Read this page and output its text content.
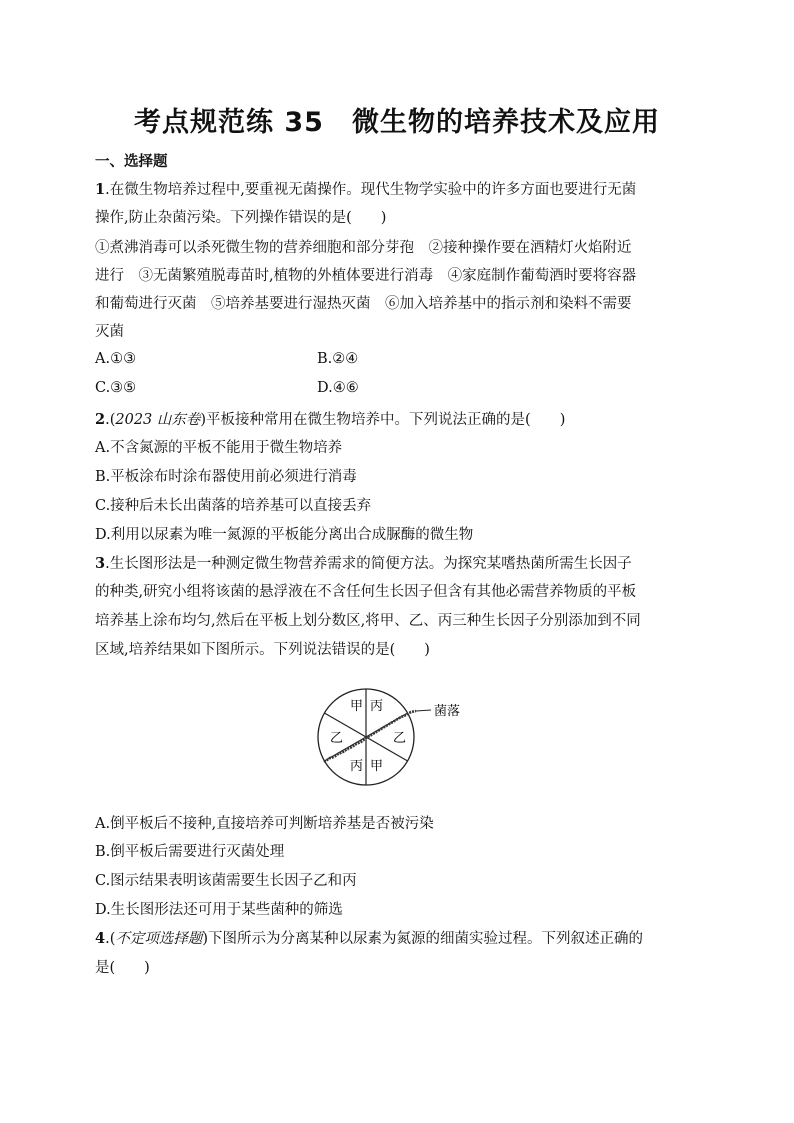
考点规范练 35　微生物的培养技术及应用
一、选择题
1.在微生物培养过程中,要重视无菌操作。现代生物学实验中的许多方面也要进行无菌
操作,防止杂菌污染。下列操作错误的是(　　)
①煮沸消毒可以杀死微生物的营养细胞和部分芽孢　②接种操作要在酒精灯火焰附近
进行　③无菌繁殖脱毒苗时,植物的外植体要进行消毒　④家庭制作葡萄酒时要将容器
和葡萄进行灭菌　⑤培养基要进行湿热灭菌　⑥加入培养基中的指示剂和染料不需要
灭菌
A.①③	B.②④
C.③⑤	D.④⑥
2.(2023 山东卷)平板接种常用在微生物培养中。下列说法正确的是(　　)
A.不含氮源的平板不能用于微生物培养
B.平板涂布时涂布器使用前必须进行消毒
C.接种后未长出菌落的培养基可以直接丢弃
D.利用以尿素为唯一氮源的平板能分离出合成脲酶的微生物
3.生长图形法是一种测定微生物营养需求的简便方法。为探究某嗜热菌所需生长因子
的种类,研究小组将该菌的悬浮液在不含任何生长因子但含有其他必需营养物质的平板
培养基上涂布均匀,然后在平板上划分数区,将甲、乙、丙三种生长因子分别添加到不同
区域,培养结果如下图所示。下列说法错误的是(　　)
菌落
甲 丙
乙
甲
丙
乙
A.倒平板后不接种,直接培养可判断培养基是否被污染
B.倒平板后需要进行灭菌处理
C.图示结果表明该菌需要生长因子乙和丙
D.生长图形法还可用于某些菌种的筛选
4.(不定项选择题)下图所示为分离某种以尿素为氮源的细菌实验过程。下列叙述正确的
是(　　)
